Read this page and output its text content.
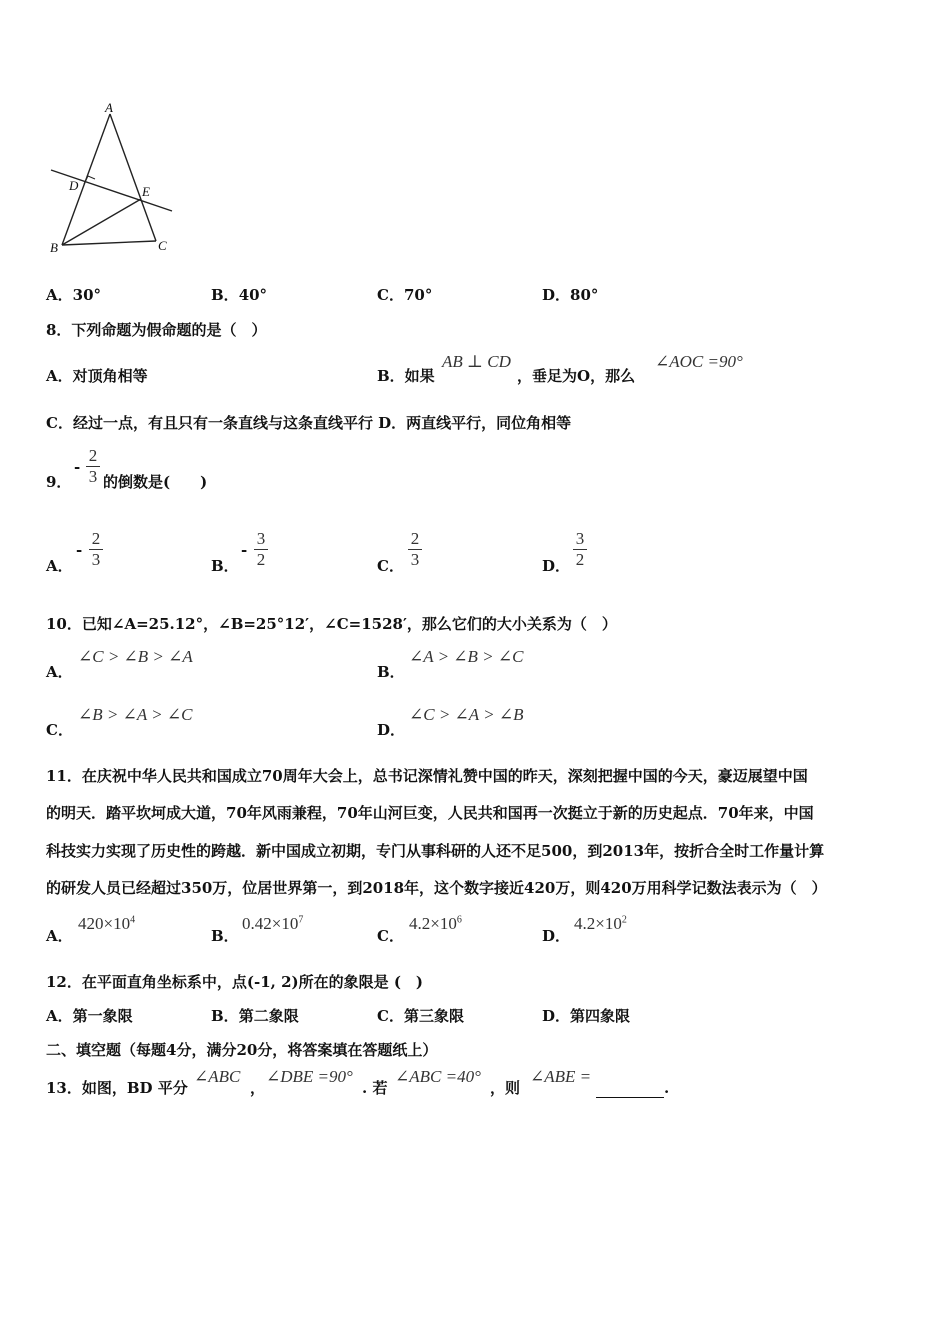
A
D	E
B	C
A．30°	B．40°	C．70°	D．80°
8．下列命题为假命题的是（　）
A．对顶角相等	B．如果
AB ⊥ CD
，垂足为O，那么
∠AOC =90°
C．经过一点，有且只有一条直线与这条直线平行 D．两直线平行，同位角相等
9．
-
2
3 的倒数是(　　)
A．
-
2
3	B．
-
3
2	C．
2
3	D．
3
2
10．已知∠A=25.12°，∠B=25°12′，∠C=1528′，那么它们的大小关系为（　）
A．
∠C > ∠B > ∠A
B．
∠A > ∠B > ∠C
C．
∠B > ∠A > ∠C
D．
∠C > ∠A > ∠B
11．在庆祝中华人民共和国成立70周年大会上，总书记深情礼赞中国的昨天，深刻把握中国的今天，豪迈展望中国
的明天．踏平坎坷成大道，70年风雨兼程，70年山河巨变，人民共和国再一次挺立于新的历史起点．70年来，中国
科技实力实现了历史性的跨越．新中国成立初期，专门从事科研的人还不足500，到2013年，按折合全时工作量计算
的研发人员已经超过350万，位居世界第一，到2018年，这个数字接近420万，则420万用科学记数法表示为（　）
A．
$420\times 10^4$
B．
$0.42\times 10^7$
C．
$4.2\times 10^6$
D．
$4.2\times 10^2$
12．在平面直角坐标系中，点(-1, 2)所在的象限是 (　)
A．第一象限	B．第二象限	C．第三象限	D．第四象限
二、填空题（每题4分，满分20分，将答案填在答题纸上）
13．如图，BD 平分
∠ABC
，
∠DBE =90°
. 若
∠ABC =40°
，则
∠ABE =
.
